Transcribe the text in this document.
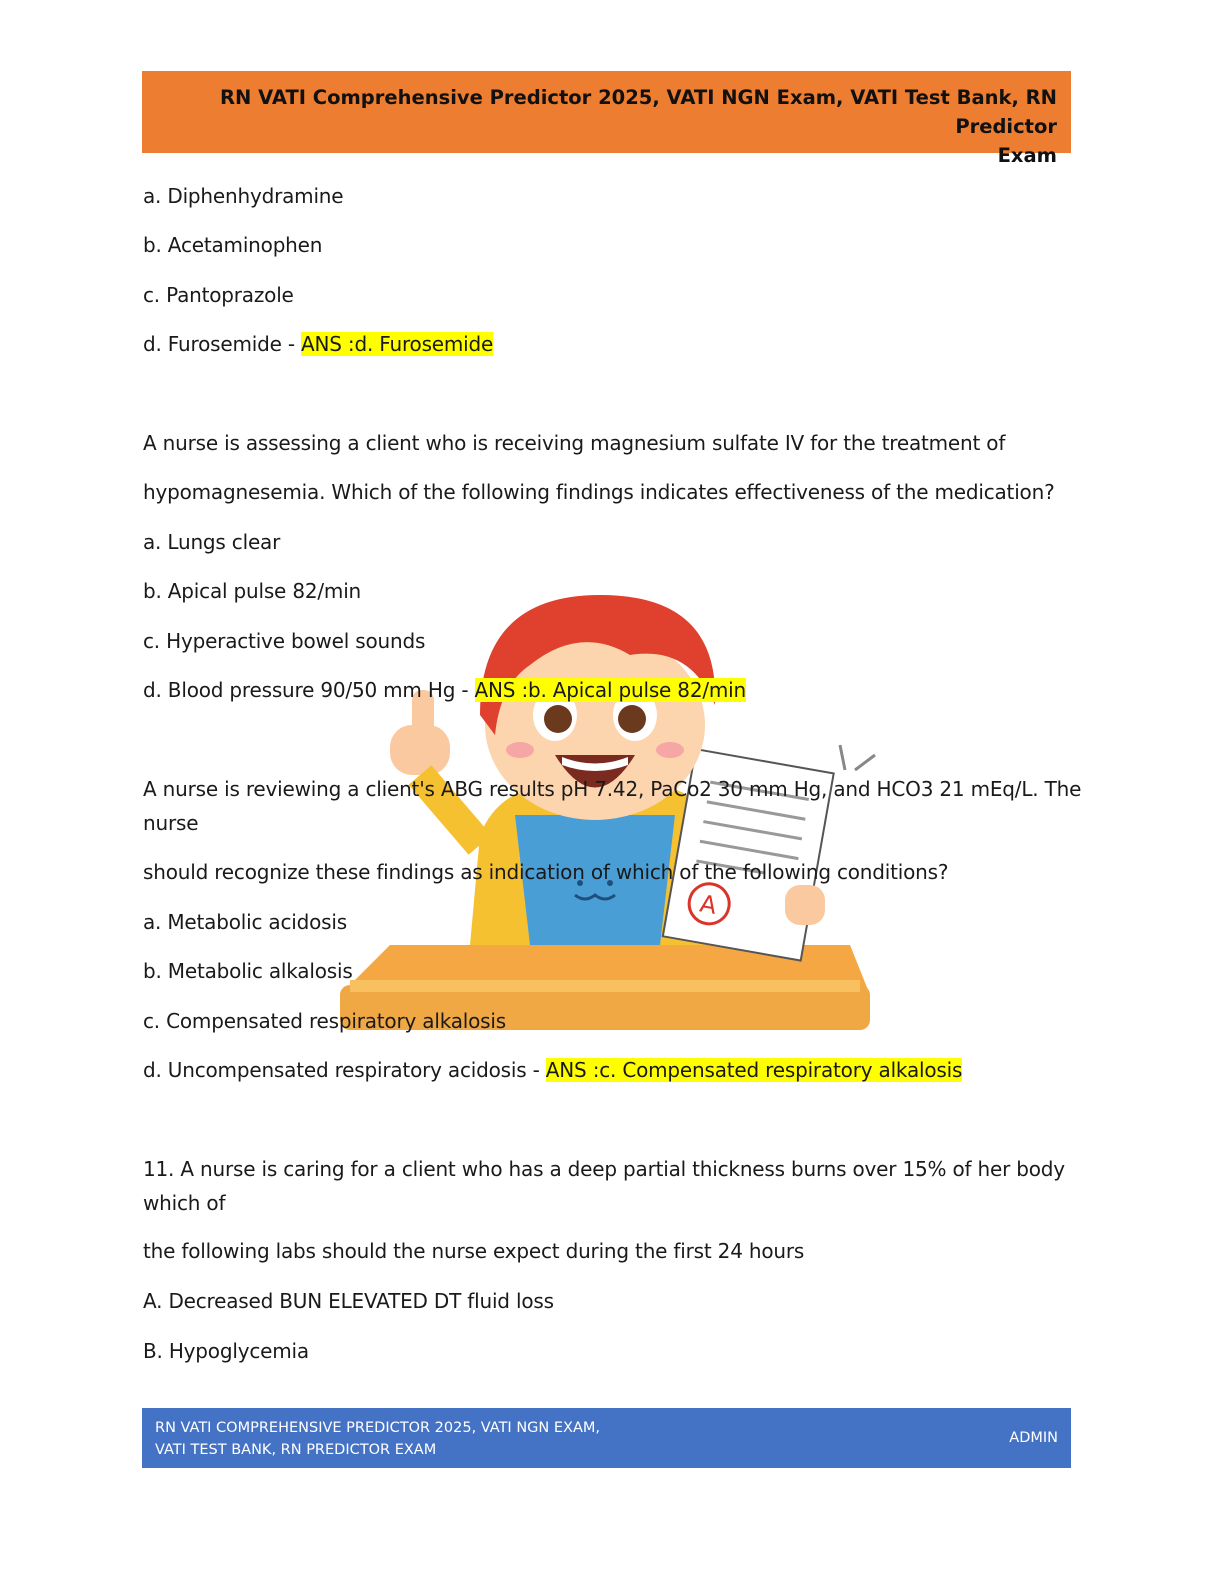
RN VATI Comprehensive Predictor 2025, VATI NGN Exam, VATI Test Bank, RN Predictor
Exam
A
a. Diphenhydramine
b. Acetaminophen
c. Pantoprazole
d. Furosemide - ANS :d. Furosemide
A nurse is assessing a client who is receiving magnesium sulfate IV for the treatment of
hypomagnesemia. Which of the following findings indicates effectiveness of the medication?
a. Lungs clear
b. Apical pulse 82/min
c. Hyperactive bowel sounds
d. Blood pressure 90/50 mm Hg - ANS :b. Apical pulse 82/min
A nurse is reviewing a client's ABG results pH 7.42, PaCo2 30 mm Hg, and HCO3 21 mEq/L. The
nurse
should recognize these findings as indication of which of the following conditions?
a. Metabolic acidosis
b. Metabolic alkalosis
c. Compensated respiratory alkalosis
d. Uncompensated respiratory acidosis - ANS :c. Compensated respiratory alkalosis
11. A nurse is caring for a client who has a deep partial thickness burns over 15% of her body
which of
the following labs should the nurse expect during the first 24 hours
A. Decreased BUN ELEVATED DT fluid loss
B. Hypoglycemia
RN VATI COMPREHENSIVE PREDICTOR 2025, VATI NGN EXAM,
VATI TEST BANK, RN PREDICTOR EXAM
ADMIN
